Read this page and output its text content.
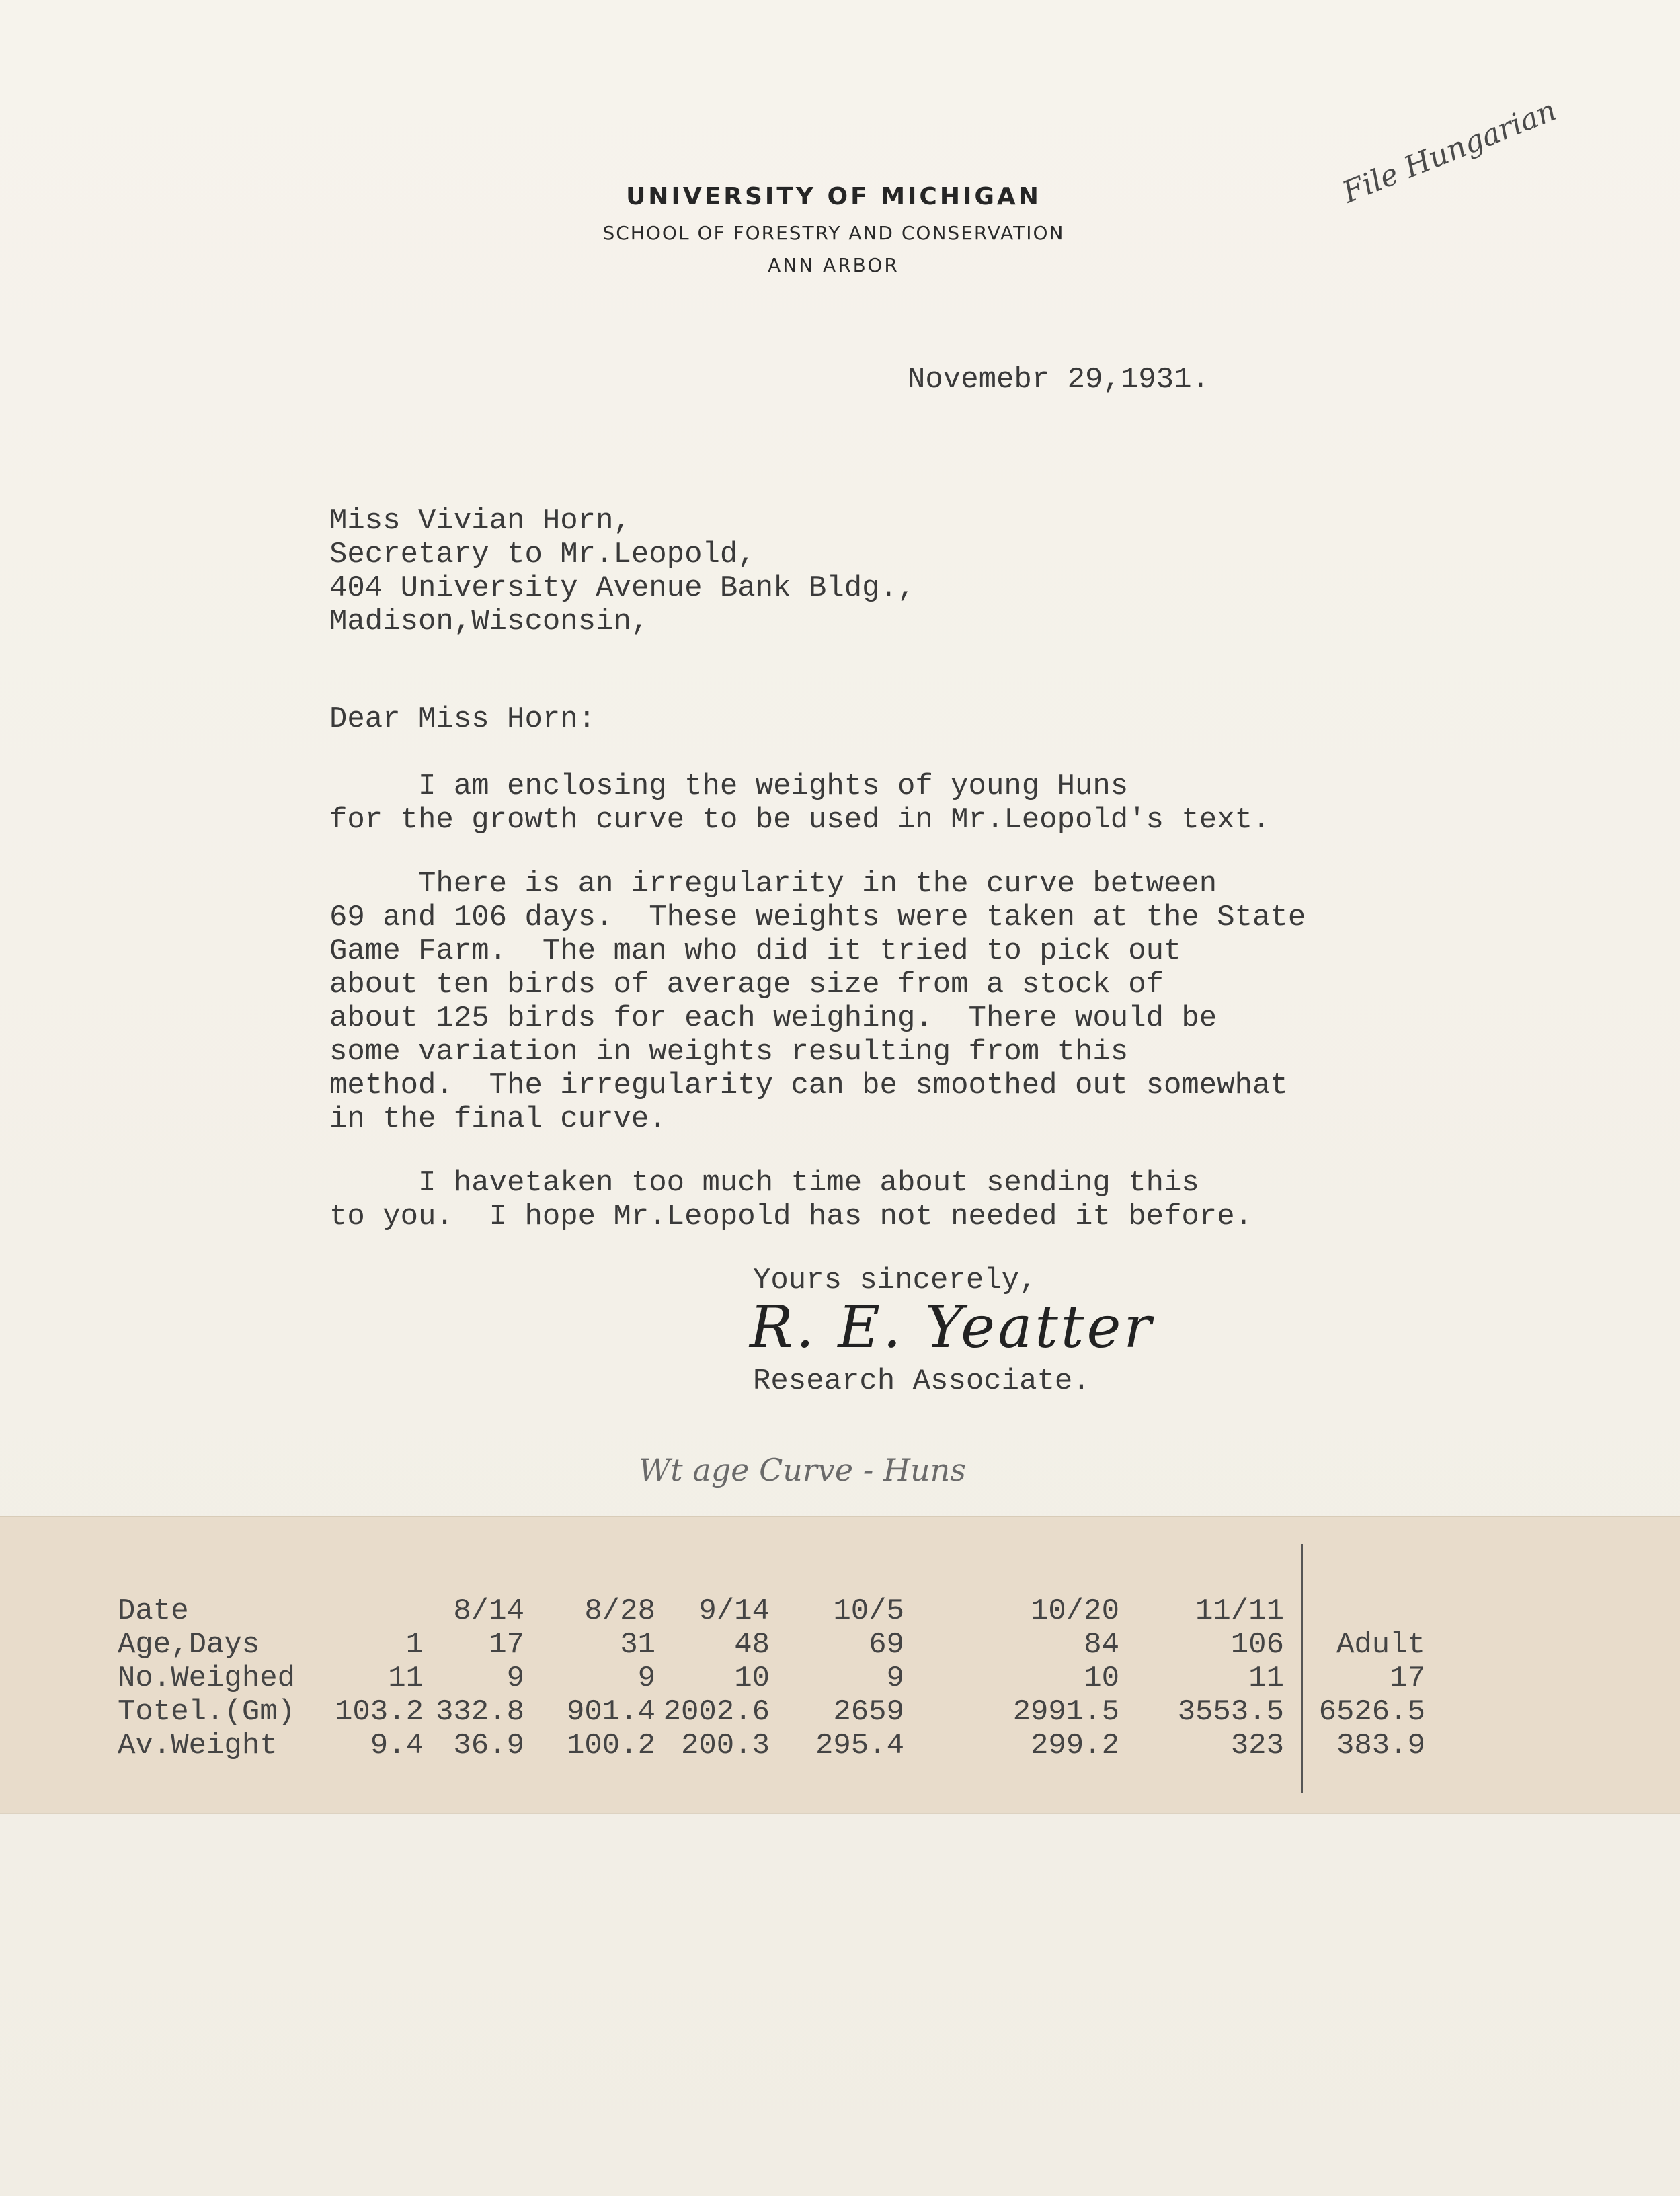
UNIVERSITY OF MICHIGAN
SCHOOL OF FORESTRY AND CONSERVATION
ANN ARBOR
File Hungarian
Novemebr 29,1931.
Miss Vivian Horn,
Secretary to Mr.Leopold,
404 University Avenue Bank Bldg.,
Madison,Wisconsin,
Dear Miss Horn:
I am enclosing the weights of young Huns
for the growth curve to be used in Mr.Leopold's text.
There is an irregularity in the curve between
69 and 106 days.  These weights were taken at the State
Game Farm.  The man who did it tried to pick out
about ten birds of average size from a stock of
about 125 birds for each weighing.  There would be
some variation in weights resulting from this
method.  The irregularity can be smoothed out somewhat
in the final curve.
I havetaken too much time about sending this
to you.  I hope Mr.Leopold has not needed it before.
Yours sincerely,
R. E. Yeatter
Research Associate.
Wt age Curve - Huns
Date
Age,Days
No.Weighed
Totel.(Gm)
Av.Weight
1
11
103.2
9.4
8/14
17
9
332.8
36.9
8/28
31
9
901.4
100.2
9/14
48
10
2002.6
200.3
10/5
69
9
2659
295.4
10/20
84
10
2991.5
299.2
11/11
106
11
3553.5
323
Adult
17
6526.5
383.9
